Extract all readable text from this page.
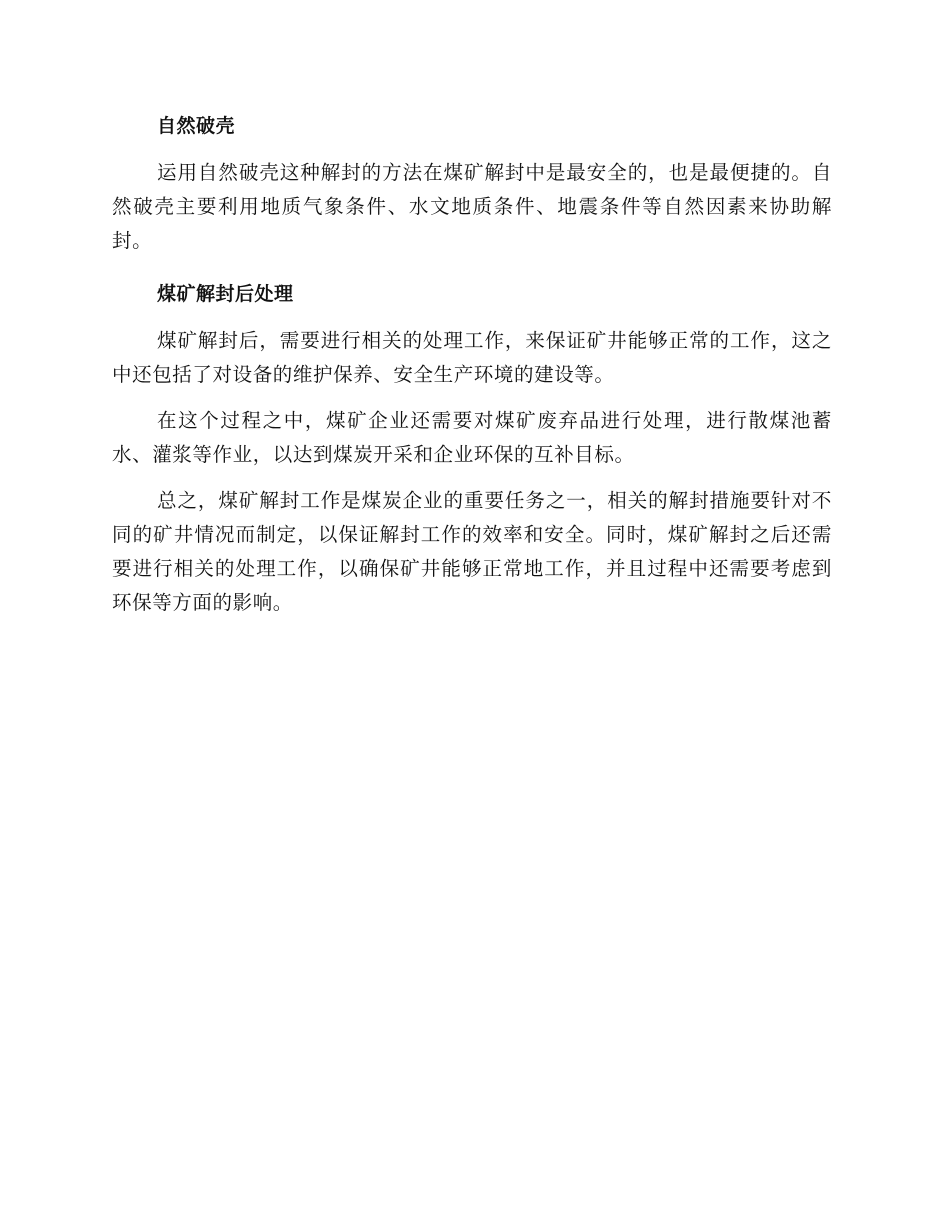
自然破壳

运用自然破壳这种解封的方法在煤矿解封中是最安全的，也是最便捷的。自然破壳主要利用地质气象条件、水文地质条件、地震条件等自然因素来协助解封。

煤矿解封后处理

煤矿解封后，需要进行相关的处理工作，来保证矿井能够正常的工作，这之中还包括了对设备的维护保养、安全生产环境的建设等。

在这个过程之中，煤矿企业还需要对煤矿废弃品进行处理，进行散煤池蓄水、灌浆等作业，以达到煤炭开采和企业环保的互补目标。

总之，煤矿解封工作是煤炭企业的重要任务之一，相关的解封措施要针对不同的矿井情况而制定，以保证解封工作的效率和安全。同时，煤矿解封之后还需要进行相关的处理工作，以确保矿井能够正常地工作，并且过程中还需要考虑到环保等方面的影响。
